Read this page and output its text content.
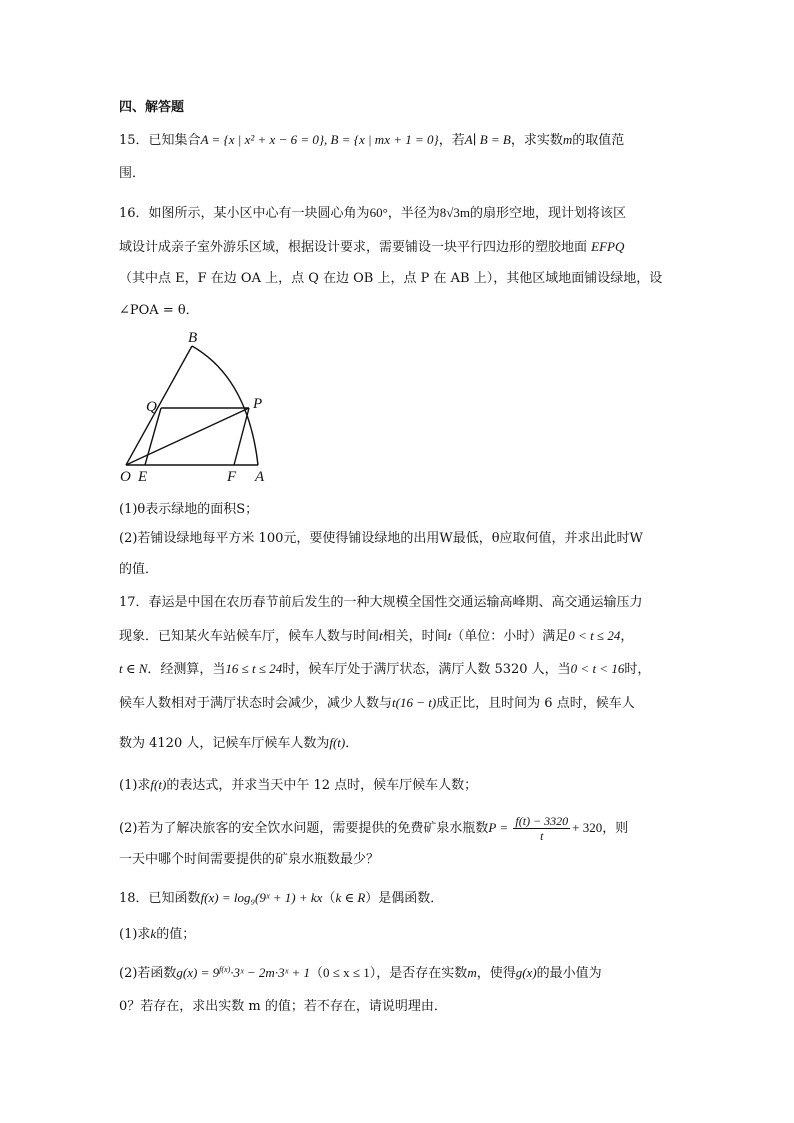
四、解答题
15．已知集合A = {x | x² + x − 6 = 0}, B = {x | mx + 1 = 0}，若A∣ B = B，求实数m的取值范
围．
16．如图所示，某小区中心有一块圆心角为60°，半径为8√3m的扇形空地，现计划将该区
域设计成亲子室外游乐区域，根据设计要求，需要铺设一块平行四边形的塑胶地面 EFPQ
（其中点 E，F 在边 OA 上，点 Q 在边 OB 上，点 P 在 AB 上），其他区域地面铺设绿地，设
∠POA = θ．
B
Q	P
O E	F A
(1)θ表示绿地的面积S；
(2)若铺设绿地每平方米 100元，要使得铺设绿地的出用W最低，θ应取何值，并求出此时W
的值．
17．春运是中国在农历春节前后发生的一种大规模全国性交通运输高峰期、高交通运输压力
现象．已知某火车站候车厅，候车人数与时间t相关，时间t（单位：小时）满足0 < t ≤ 24，
t ∈ N．经测算，当16 ≤ t ≤ 24时，候车厅处于满厅状态，满厅人数 5320 人，当0 < t < 16时，
候车人数相对于满厅状态时会减少，减少人数与t(16 − t)成正比，且时间为 6 点时，候车人
数为 4120 人，记候车厅候车人数为f(t)．
(1)求f(t)的表达式，并求当天中午 12 点时，候车厅候车人数；
(2)若为了解决旅客的安全饮水问题，需要提供的免费矿泉水瓶数$P = \frac{f(t) - 3320}{t} + 320$，则
一天中哪个时间需要提供的矿泉水瓶数最少？
18．已知函数f(x) = log₉(9ˣ + 1) + kx（k ∈ R）是偶函数．
(1)求k的值；
(2)若函数$g(x) = 9^{f(x)}\cdot 3ˣ$ − 2m·3ˣ + 1（0 ≤ x ≤ 1），是否存在实数m，使得g(x)的最小值为
0？若存在，求出实数 m 的值；若不存在，请说明理由．
